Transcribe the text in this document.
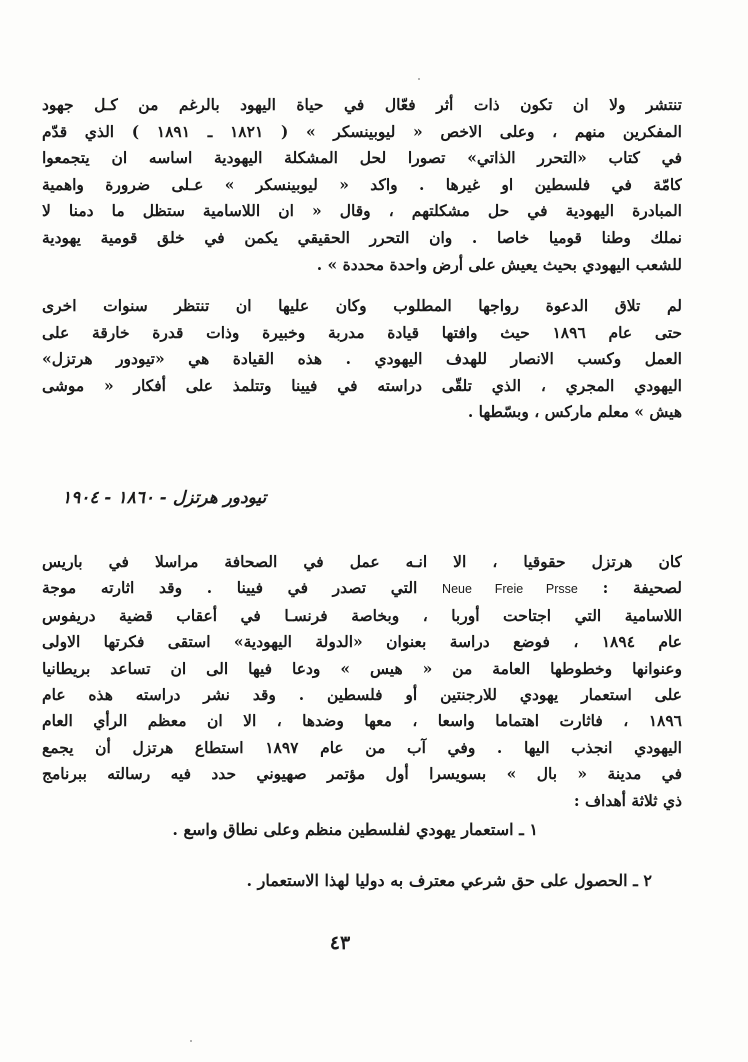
تنتشر ولا ان تكون ذات أثر فعّال في حياة اليهود بالرغم من كـل جهود
المفكرين منهم ، وعلى الاخص « ليوبينسكر » ( ١٨٢١ ـ ١٨٩١ ) الذي قدّم
في كتاب «التحرر الذاتي» تصورا لحل المشكلة اليهودية اساسه ان يتجمعوا
كامّة في فلسطين او غيرها . واكد « ليوبينسكر » عـلى ضرورة واهمية
المبادرة اليهودية في حل مشكلتهم ، وقال « ان اللاسامية ستظل ما دمنا لا
نملك وطنا قوميا خاصا . وان التحرر الحقيقي يكمن في خلق قومية يهودية
للشعب اليهودي بحيث يعيش على أرض واحدة محددة » .
لم تلاق الدعوة رواجها المطلوب وكان عليها ان تنتظر سنوات اخرى
حتى عام ١٨٩٦ حيث وافتها قيادة مدربة وخبيرة وذات قدرة خارقة على
العمل وكسب الانصار للهدف اليهودي . هذه القيادة هي «تيودور هرتزل»
اليهودي المجري ، الذي تلقّى دراسته في فيينا وتتلمذ على أفكار « موشى
هيش » معلم ماركس ، وبسّطها .
تيودور هرتزل - ١٨٦٠ - ١٩٠٤
كان هرتزل حقوقيا ، الا انـه عمل في الصحافة مراسلا في باريس
لصحيفة : Neue Freie Prsse التي تصدر في فيينا . وقد اثارته موجة
اللاسامية التي اجتاحت أوربا ، وبخاصة فرنسـا في أعقاب قضية دريفوس
عام ١٨٩٤ ، فوضع دراسة بعنوان «الدولة اليهودية» استقى فكرتها الاولى
وعنوانها وخطوطها العامة من « هيس » ودعا فيها الى ان تساعد بريطانيا
على استعمار يهودي للارجنتين أو فلسطين . وقد نشر دراسته هذه عام
١٨٩٦ ، فاثارت اهتماما واسعا ، معها وضدها ، الا ان معظم الرأي العام
اليهودي انجذب اليها . وفي آب من عام ١٨٩٧ استطاع هرتزل أن يجمع
في مدينة « بال » بسويسرا أول مؤتمر صهيوني حدد فيه رسالته ببرنامج
ذي ثلاثة أهداف :
١ ـ استعمار يهودي لفلسطين منظم وعلى نطاق واسع .
٢ ـ الحصول على حق شرعي معترف به دوليا لهذا الاستعمار .
٤٣
